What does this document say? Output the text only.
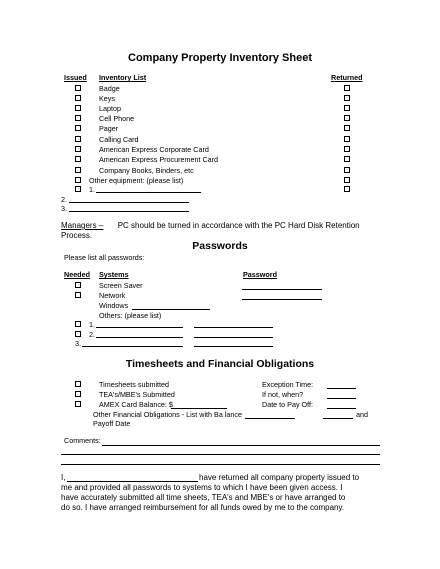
Company Property Inventory Sheet
Issued Inventory List	Returned
Badge
Keys
Laptop
Cell Phone
Pager
Calling Card
American Express Corporate Card
American Express Procurement Card
Company Books, Binders, etc
Other equipment: (please list)
1.
2.
3.
Managers – PC should be turned in accordance with the PC Hard Disk Retention
Process.
Passwords
Please list all passwords:
Needed Systems	Password
Screen Saver
Network
Windows
Others: (please list)
1.
2.
3.
Timesheets and Financial Obligations
Timesheets submitted	Exception Time:
TEA's/MBE's Submitted	If not, when?
AMEX Card Balance: $	Date to Pay Off:
Other Financial Obligations - List with Ba lance	and
Payoff Date
Comments:
I,	have returned all company property issued to
me and provided all passwords to systems to which I have been given access. I
have accurately submitted all time sheets, TEA's and MBE's or have arranged to
do so. I have arranged reimbursement for all funds owed by me to the company.
